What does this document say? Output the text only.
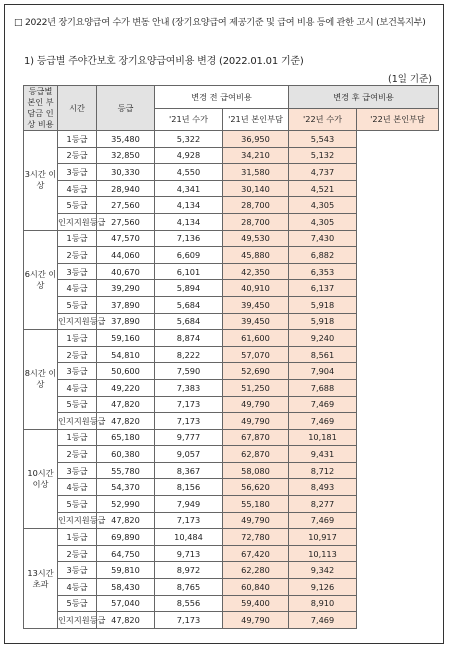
□ 2022년 장기요양급여 수가 변동 안내 (장기요양급여 제공기준 및 급여 비용 등에 관한 고시 (보건복지부)
1) 등급별 주야간보호 장기요양급여비용 변경 (2022.01.01 기준)
(1일 기준)
등급별 본인 부담금 인상 비용	시간	등급	변경 전 급여비용		변경 후 급여비용	
			'21년 수가	'21년 본인부담	'22년 수가	'22년 본인부담
3시간 이상	1등급	35,480	5,322	36,950	5,543	
	2등급	32,850	4,928	34,210	5,132	
	3등급	30,330	4,550	31,580	4,737	
	4등급	28,940	4,341	30,140	4,521	
	5등급	27,560	4,134	28,700	4,305	
	인지지원등급	27,560	4,134	28,700	4,305	
6시간 이상	1등급	47,570	7,136	49,530	7,430	
	2등급	44,060	6,609	45,880	6,882	
	3등급	40,670	6,101	42,350	6,353	
	4등급	39,290	5,894	40,910	6,137	
	5등급	37,890	5,684	39,450	5,918	
	인지지원등급	37,890	5,684	39,450	5,918	
8시간 이상	1등급	59,160	8,874	61,600	9,240	
	2등급	54,810	8,222	57,070	8,561	
	3등급	50,600	7,590	52,690	7,904	
	4등급	49,220	7,383	51,250	7,688	
	5등급	47,820	7,173	49,790	7,469	
	인지지원등급	47,820	7,173	49,790	7,469	
10시간 이상	1등급	65,180	9,777	67,870	10,181	
	2등급	60,380	9,057	62,870	9,431	
	3등급	55,780	8,367	58,080	8,712	
	4등급	54,370	8,156	56,620	8,493	
	5등급	52,990	7,949	55,180	8,277	
	인지지원등급	47,820	7,173	49,790	7,469	
13시간 초과	1등급	69,890	10,484	72,780	10,917	
	2등급	64,750	9,713	67,420	10,113	
	3등급	59,810	8,972	62,280	9,342	
	4등급	58,430	8,765	60,840	9,126	
	5등급	57,040	8,556	59,400	8,910	
	인지지원등급	47,820	7,173	49,790	7,469	
